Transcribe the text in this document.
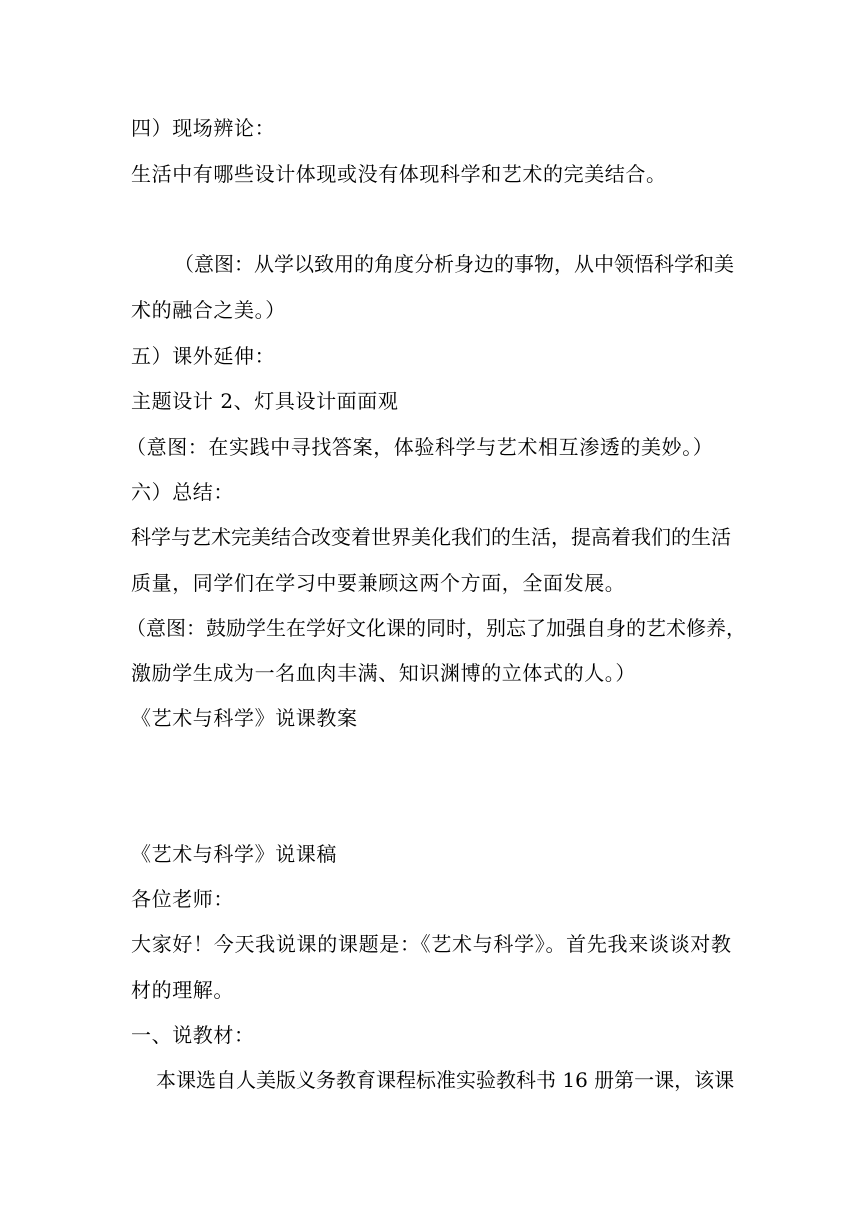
四）现场辨论：
生活中有哪些设计体现或没有体现科学和艺术的完美结合。
（意图：从学以致用的角度分析身边的事物，从中领悟科学和美
术的融合之美。）
五）课外延伸：
主题设计 2、灯具设计面面观
（意图：在实践中寻找答案，体验科学与艺术相互渗透的美妙。）
六）总结：
科学与艺术完美结合改变着世界美化我们的生活，提高着我们的生活
质量，同学们在学习中要兼顾这两个方面，全面发展。
（意图：鼓励学生在学好文化课的同时，别忘了加强自身的艺术修养，
激励学生成为一名血肉丰满、知识渊博的立体式的人。）
《艺术与科学》说课教案
《艺术与科学》说课稿
各位老师：
大家好！今天我说课的课题是：《艺术与科学》。首先我来谈谈对教
材的理解。
一、说教材：
本课选自人美版义务教育课程标准实验教科书 16 册第一课，该课
